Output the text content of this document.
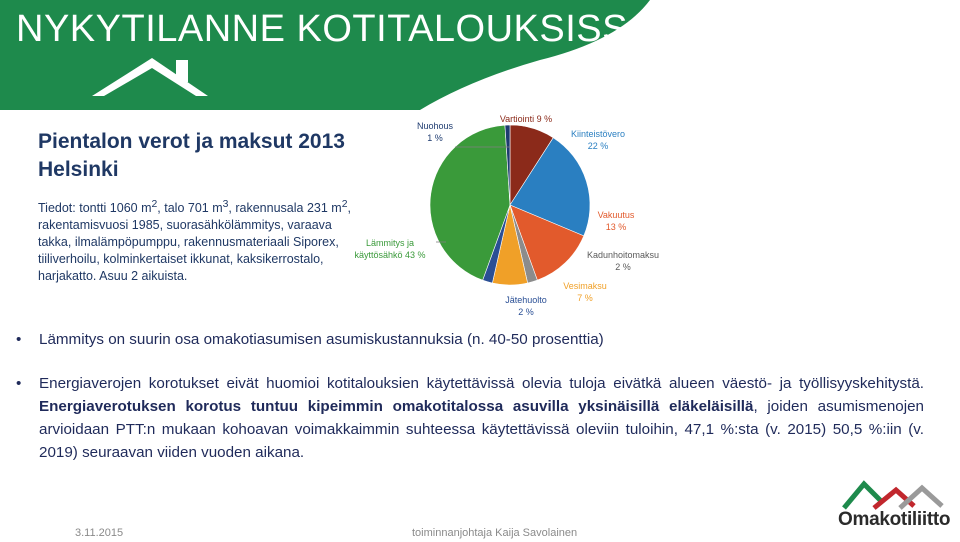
NYKYTILANNE KOTITALOUKSISSA
Pientalon verot ja maksut 2013
Helsinki
Tiedot: tontti 1060 $m^2$, talo 701 $m^3$, rakennusala 231 $m^2$, rakentamisvuosi 1985, suorasähkölämmitys, varaava takka, ilmalämpöpumppu, rakennusmateriaali Siporex, tiiliverhoilu, kolminkertaiset ikkunat, kaksikerrostalo, harjakatto. Asuu 2 aikuista.
Vartiointi 9 %
Kiinteistövero
22 %
Vakuutus
13 %
Kadunhoitomaksu
2 %
Vesimaksu
7 %
Jätehuolto
2 %
Lämmitys ja
käyttösähkö 43 %
Nuohous
1 %
• Lämmitys on suurin osa omakotiasumisen asumiskustannuksia (n. 40-50 prosenttia)
• Energiaverojen korotukset eivät huomioi kotitalouksien käytettävissä olevia tuloja eivätkä alueen väestö- ja työllisyyskehitystä. Energiaverotuksen korotus tuntuu kipeimmin omakotitalossa asuvilla yksinäisillä eläkeläisillä, joiden asumismenojen arvioidaan PTT:n mukaan kohoavan voimakkaimmin suhteessa käytettävissä oleviin tuloihin, 47,1 %:sta (v. 2015) 50,5 %:iin (v. 2019) seuraavan viiden vuoden aikana.
3.11.2015	toiminnanjohtaja Kaija Savolainen
Omakotiliitto
